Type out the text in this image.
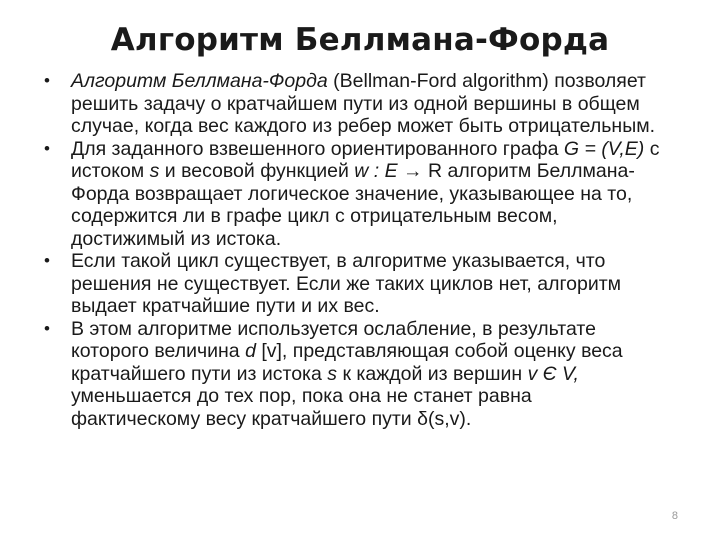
Алгоритм Беллмана-Форда
•	Алгоритм Беллмана-Форда (Bellman-Ford algorithm) позволяет решить задачу о кратчайшем пути из одной вершины в общем случае, когда вес каждого из ребер может быть отрицательным.
•	Для заданного взвешенного ориентированного графа G = (V,E) с истоком s и весовой функцией w : E → R алгоритм Беллмана-Форда возвращает логическое значение, указывающее на то, содержится ли в графе цикл с отрицательным весом, достижимый из истока.
•	Если такой цикл существует, в алгоритме указывается, что решения не существует. Если же таких циклов нет, алгоритм выдает кратчайшие пути и их вес.
•	В этом алгоритме используется ослабление, в результате которого величина d [v], представляющая собой оценку веса кратчайшего пути из истока s к каждой из вершин v Є V, уменьшается до тех пор, пока она не станет равна фактическому весу кратчайшего пути δ(s,v).
8
